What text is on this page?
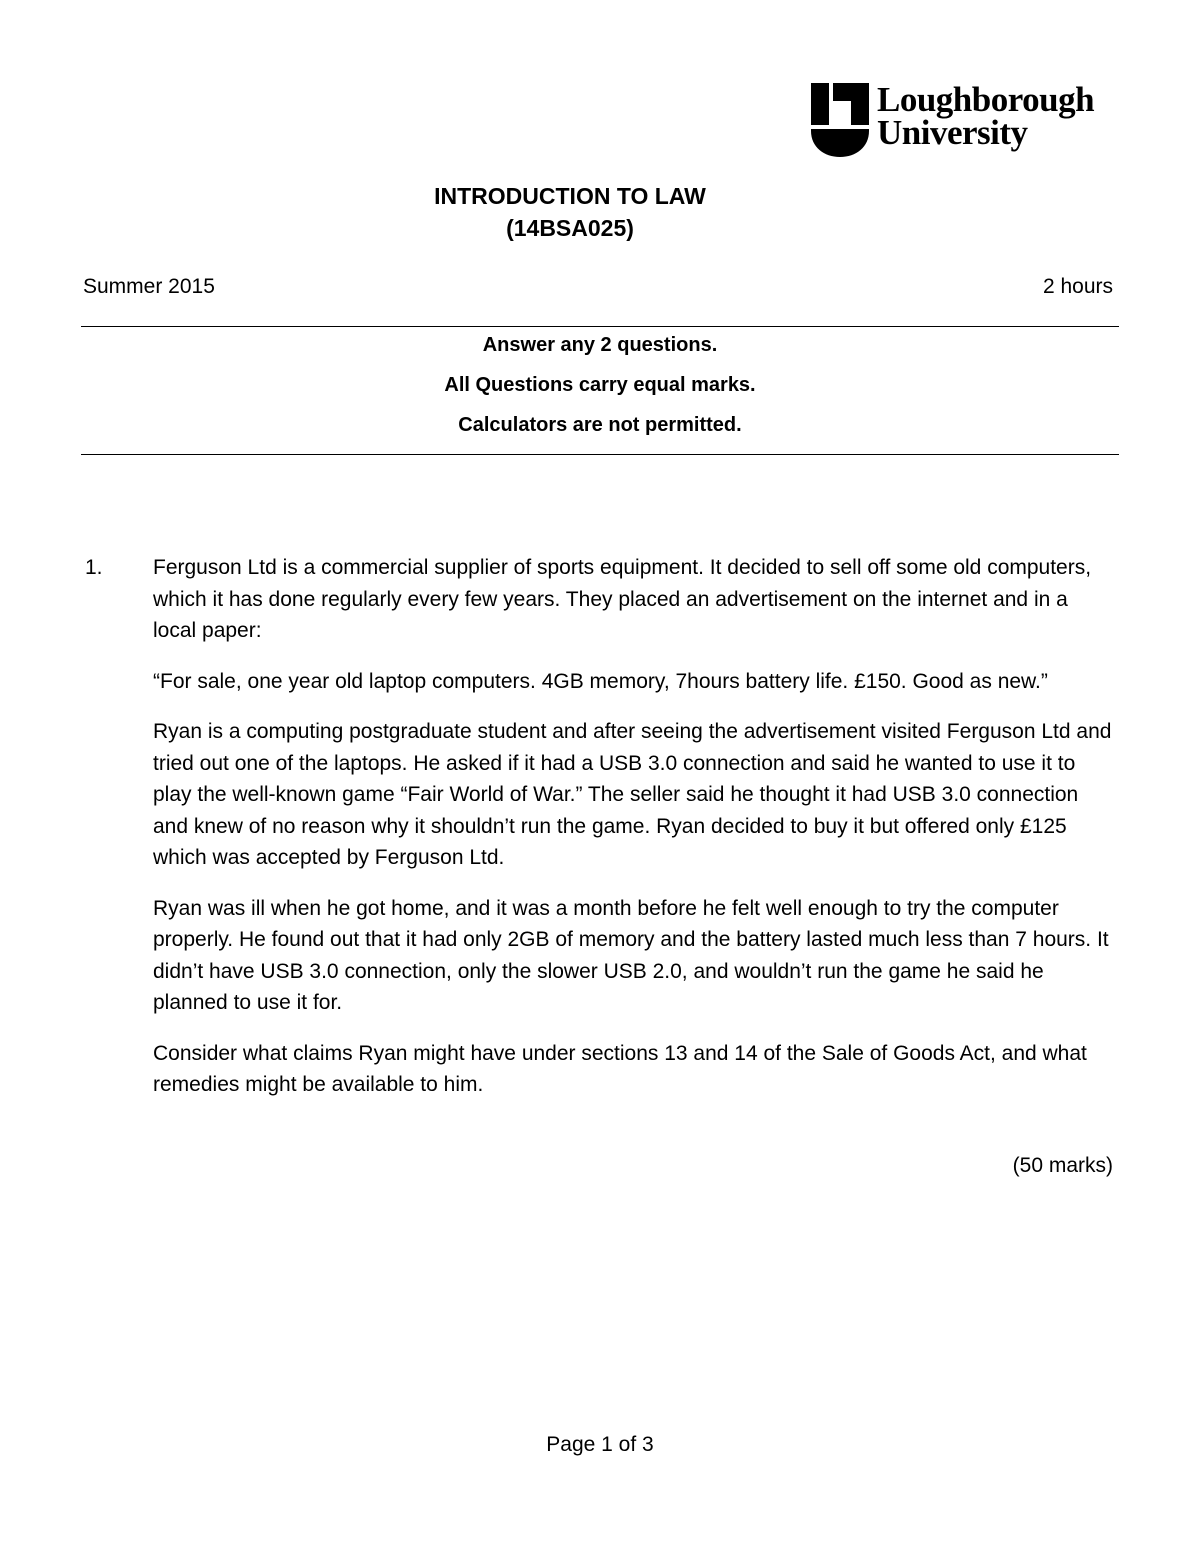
Loughborough
University
INTRODUCTION TO LAW
(14BSA025)
Summer 2015	2 hours
Answer any 2 questions.
All Questions carry equal marks.
Calculators are not permitted.
1. Ferguson Ltd is a commercial supplier of sports equipment. It decided to sell off some old computers, which it has done regularly every few years. They placed an advertisement on the internet and in a local paper:

“For sale, one year old laptop computers. 4GB memory, 7hours battery life. £150. Good as new.”

Ryan is a computing postgraduate student and after seeing the advertisement visited Ferguson Ltd and tried out one of the laptops. He asked if it had a USB 3.0 connection and said he wanted to use it to play the well-known game “Fair World of War.” The seller said he thought it had USB 3.0 connection and knew of no reason why it shouldn’t run the game. Ryan decided to buy it but offered only £125 which was accepted by Ferguson Ltd.

Ryan was ill when he got home, and it was a month before he felt well enough to try the computer properly. He found out that it had only 2GB of memory and the battery lasted much less than 7 hours. It didn’t have USB 3.0 connection, only the slower USB 2.0, and wouldn’t run the game he said he planned to use it for.

Consider what claims Ryan might have under sections 13 and 14 of the Sale of Goods Act, and what remedies might be available to him.

(50 marks)
Page 1 of 3
